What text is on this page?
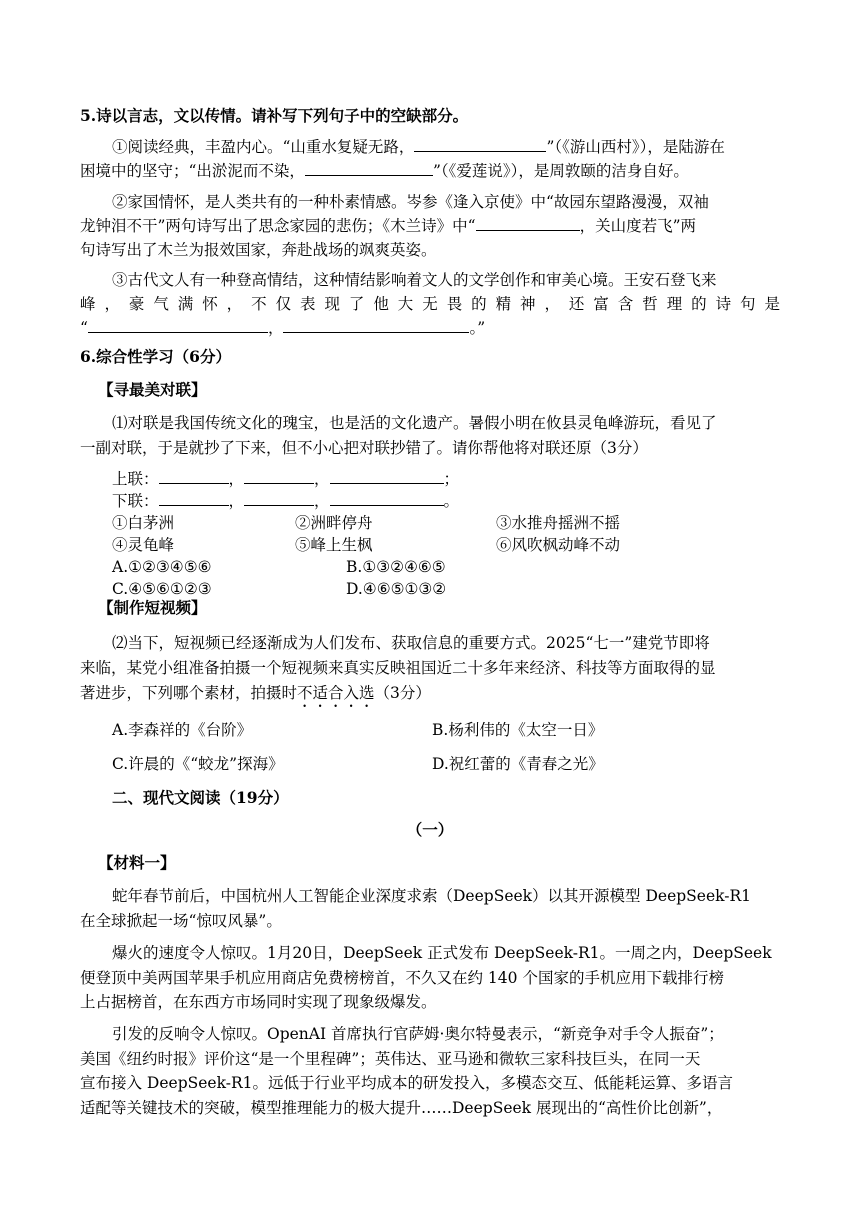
5.诗以言志，文以传情。请补写下列句子中的空缺部分。
①阅读经典，丰盈内心。“山重水复疑无路，	”（《游山西村》），是陆游在
困境中的坚守；“出淤泥而不染，	”（《爱莲说》），是周敦颐的洁身自好。
②家国情怀，是人类共有的一种朴素情感。岑参《逢入京使》中“故园东望路漫漫，双袖
龙钟泪不干”两句诗写出了思念家园的悲伤；《木兰诗》中“	，关山度若飞”两
句诗写出了木兰为报效国家，奔赴战场的飒爽英姿。
③古代文人有一种登高情结，这种情结影响着文人的文学创作和审美心境。王安石登飞来
峰，豪气满怀，不仅表现了他大无畏的精神，还富含哲理的诗句是
“	，	。”
6.综合性学习（6分）
【寻最美对联】
⑴对联是我国传统文化的瑰宝，也是活的文化遗产。暑假小明在攸县灵龟峰游玩，看见了
一副对联，于是就抄了下来，但不小心把对联抄错了。请你帮他将对联还原（3分）
上联：	，	，	；
下联：	，	，	。
①白茅洲	②洲畔停舟	③水推舟摇洲不摇
④灵龟峰	⑤峰上生枫	⑥风吹枫动峰不动
A.①②③④⑤⑥	B.①③②④⑥⑤
C.④⑤⑥①②③	D.④⑥⑤①③②
【制作短视频】
⑵当下，短视频已经逐渐成为人们发布、获取信息的重要方式。2025“七一”建党节即将
来临，某党小组准备拍摄一个短视频来真实反映祖国近二十多年来经济、科技等方面取得的显
著进步，下列哪个素材，拍摄时不适合入选（3分）
A.李森祥的《台阶》	B.杨利伟的《太空一日》
C.许晨的《“蛟龙”探海》	D.祝红蕾的《青春之光》
二、现代文阅读（19分）
（一）
【材料一】
蛇年春节前后，中国杭州人工智能企业深度求索（DeepSeek）以其开源模型 DeepSeek-R1
在全球掀起一场“惊叹风暴”。
爆火的速度令人惊叹。1月20日，DeepSeek 正式发布 DeepSeek-R1。一周之内，DeepSeek
便登顶中美两国苹果手机应用商店免费榜榜首，不久又在约 140 个国家的手机应用下载排行榜
上占据榜首，在东西方市场同时实现了现象级爆发。
引发的反响令人惊叹。OpenAI 首席执行官萨姆·奥尔特曼表示，“新竞争对手令人振奋”；
美国《纽约时报》评价这“是一个里程碑”；英伟达、亚马逊和微软三家科技巨头，在同一天
宣布接入 DeepSeek-R1。远低于行业平均成本的研发投入，多模态交互、低能耗运算、多语言
适配等关键技术的突破，模型推理能力的极大提升……DeepSeek 展现出的“高性价比创新”，
